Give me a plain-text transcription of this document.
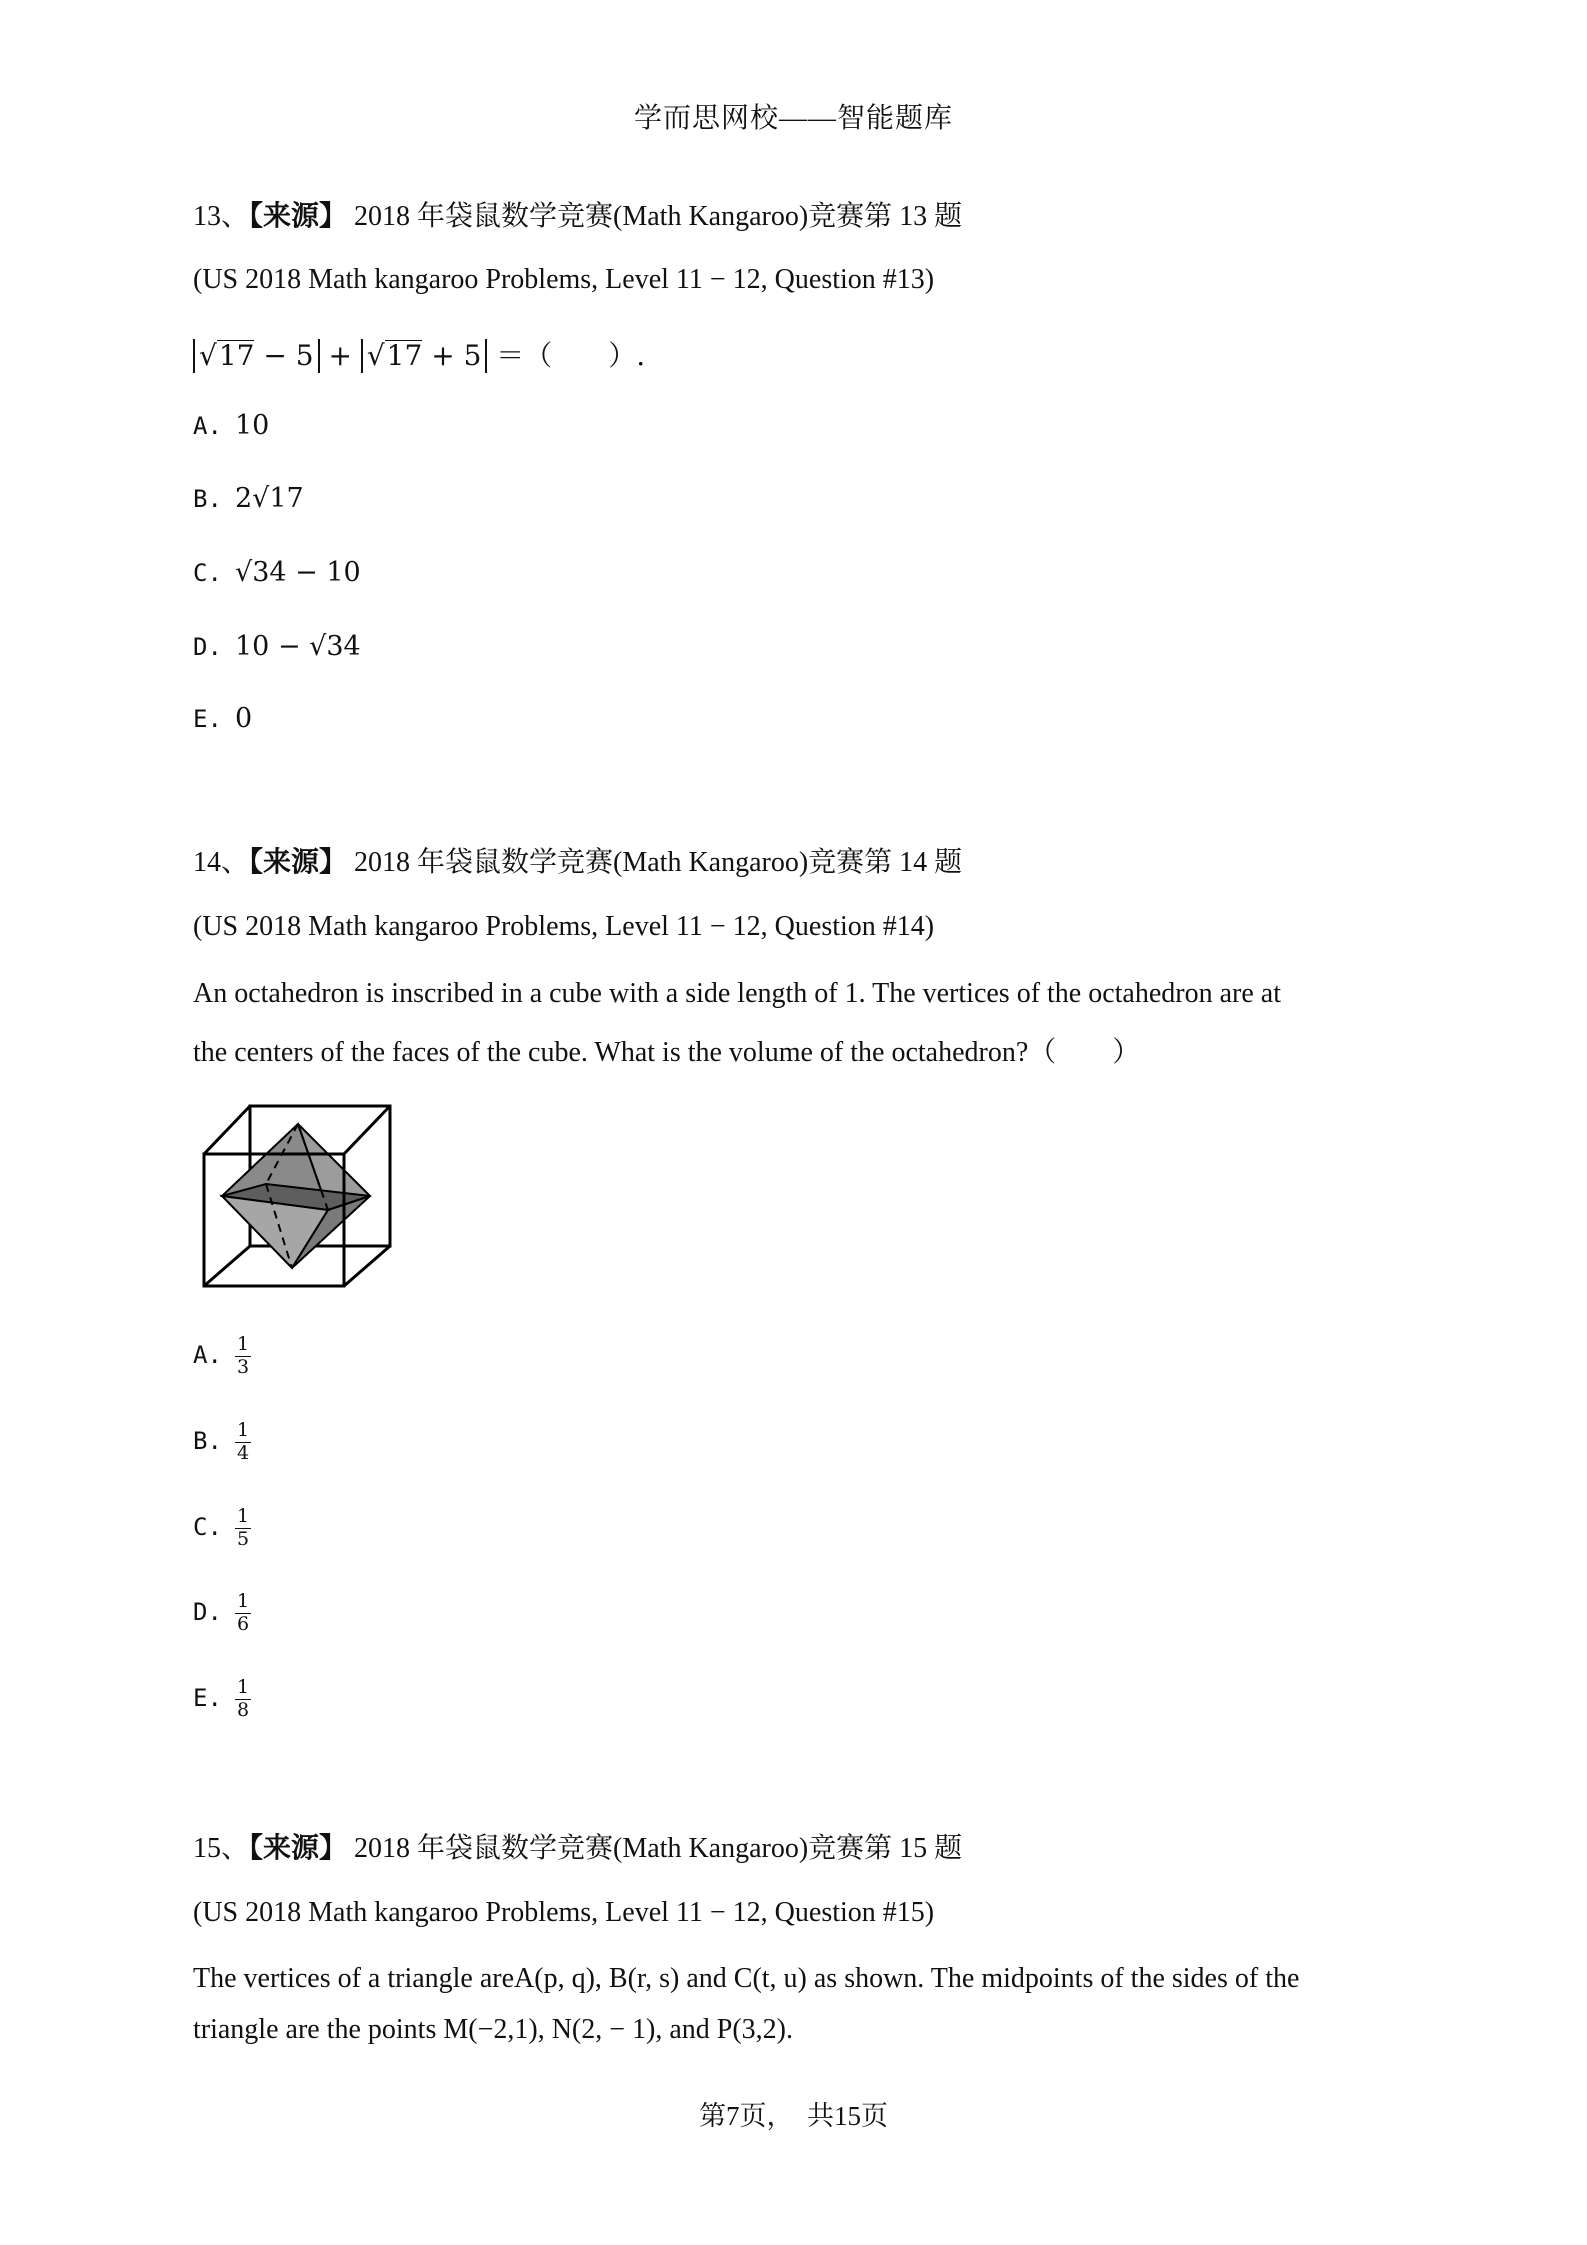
学而思网校——智能题库
13、【来源】 2018 年袋鼠数学竞赛(Math Kangaroo)竞赛第 13 题
(US 2018 Math kangaroo Problems, Level 11 − 12, Question #13)
√17 − 5 + √17 + 5 ＝（　　）.
A. 10
B. 2√17
C. √34 − 10
D. 10 − √34
E. 0
14、【来源】 2018 年袋鼠数学竞赛(Math Kangaroo)竞赛第 14 题
(US 2018 Math kangaroo Problems, Level 11 − 12, Question #14)
An octahedron is inscribed in a cube with a side length of 1. The vertices of the octahedron are at
the centers of the faces of the cube. What is the volume of the octahedron?（　　）
A. $\frac{1}{3}$
B. $\frac{1}{4}$
C. $\frac{1}{5}$
D. $\frac{1}{6}$
E. $\frac{1}{8}$
15、【来源】 2018 年袋鼠数学竞赛(Math Kangaroo)竞赛第 15 题
(US 2018 Math kangaroo Problems, Level 11 − 12, Question #15)
The vertices of a triangle areA(p, q), B(r, s) and C(t, u) as shown. The midpoints of the sides of the
triangle are the points M(−2,1), N(2, − 1), and P(3,2).
第7页，　共15页
